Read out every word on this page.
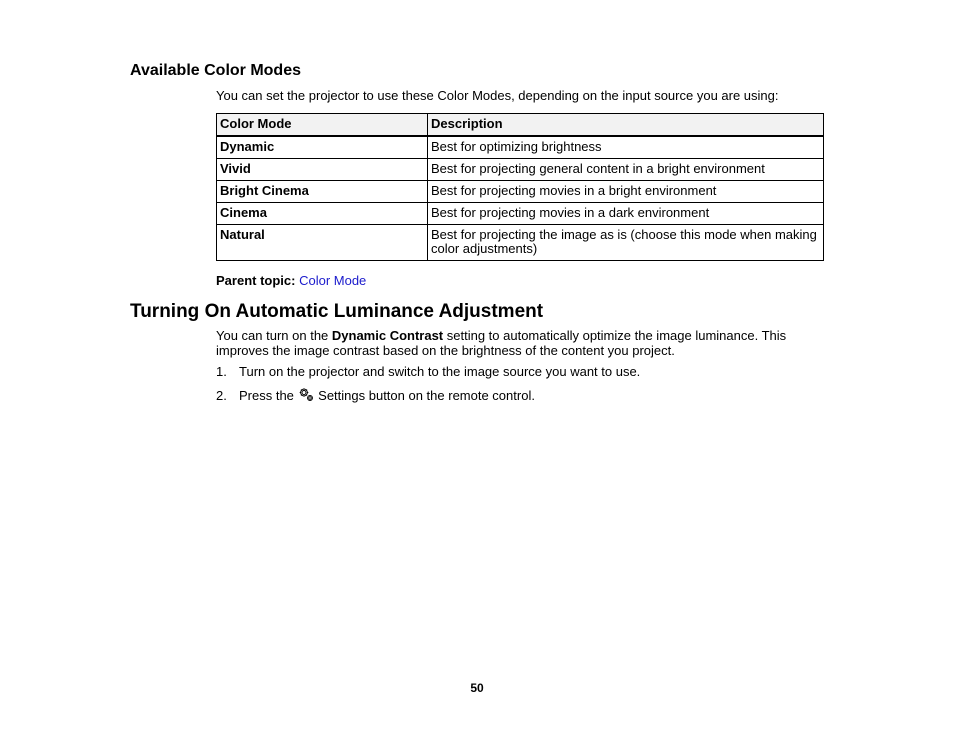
Available Color Modes
You can set the projector to use these Color Modes, depending on the input source you are using:
Color Mode	Description
Dynamic	Best for optimizing brightness
Vivid	Best for projecting general content in a bright environment
Bright Cinema	Best for projecting movies in a bright environment
Cinema	Best for projecting movies in a dark environment
Natural	Best for projecting the image as is (choose this mode when making color adjustments)
Parent topic: Color Mode
Turning On Automatic Luminance Adjustment
You can turn on the Dynamic Contrast setting to automatically optimize the image luminance. This improves the image contrast based on the brightness of the content you project.
1. Turn on the projector and switch to the image source you want to use.
2. Press the  Settings button on the remote control.
50
